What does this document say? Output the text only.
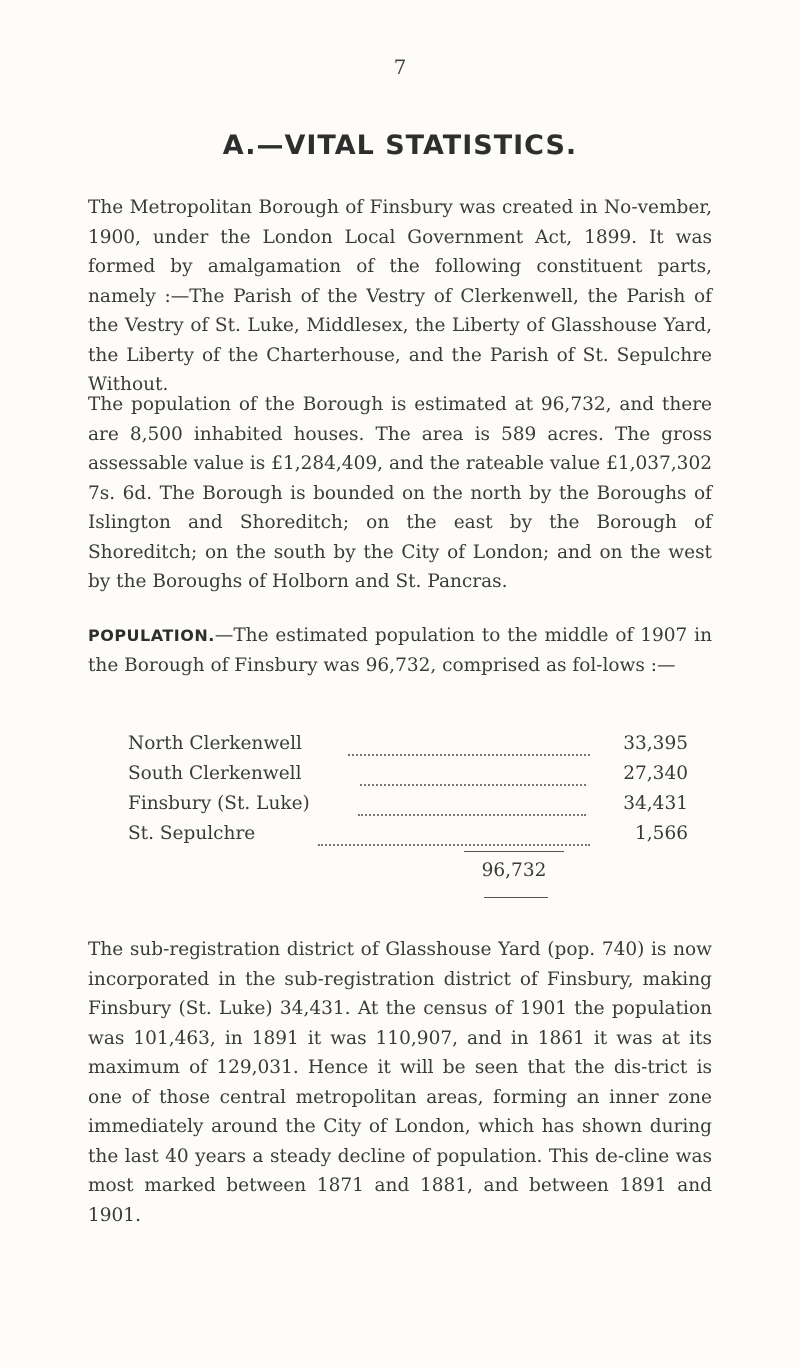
7
A.—VITAL STATISTICS.

The Metropolitan Borough of Finsbury was created in No-vember, 1900, under the London Local Government Act, 1899. It was formed by amalgamation of the following constituent parts, namely :—The Parish of the Vestry of Clerkenwell, the Parish of the Vestry of St. Luke, Middlesex, the Liberty of Glasshouse Yard, the Liberty of the Charterhouse, and the Parish of St. Sepulchre Without.

The population of the Borough is estimated at 96,732, and there are 8,500 inhabited houses. The area is 589 acres. The gross assessable value is £1,284,409, and the rateable value £1,037,302 7s. 6d. The Borough is bounded on the north by the Boroughs of Islington and Shoreditch; on the east by the Borough of Shoreditch; on the south by the City of London; and on the west by the Boroughs of Holborn and St. Pancras.

POPULATION.—The estimated population to the middle of 1907 in the Borough of Finsbury was 96,732, comprised as fol-lows :—

North Clerkenwell	33,395
South Clerkenwell	27,340
Finsbury (St. Luke)	34,431
St. Sepulchre	1,566
96,732

The sub-registration district of Glasshouse Yard (pop. 740) is now incorporated in the sub-registration district of Finsbury, making Finsbury (St. Luke) 34,431. At the census of 1901 the population was 101,463, in 1891 it was 110,907, and in 1861 it was at its maximum of 129,031. Hence it will be seen that the dis-trict is one of those central metropolitan areas, forming an inner zone immediately around the City of London, which has shown during the last 40 years a steady decline of population. This de-cline was most marked between 1871 and 1881, and between 1891 and 1901.
